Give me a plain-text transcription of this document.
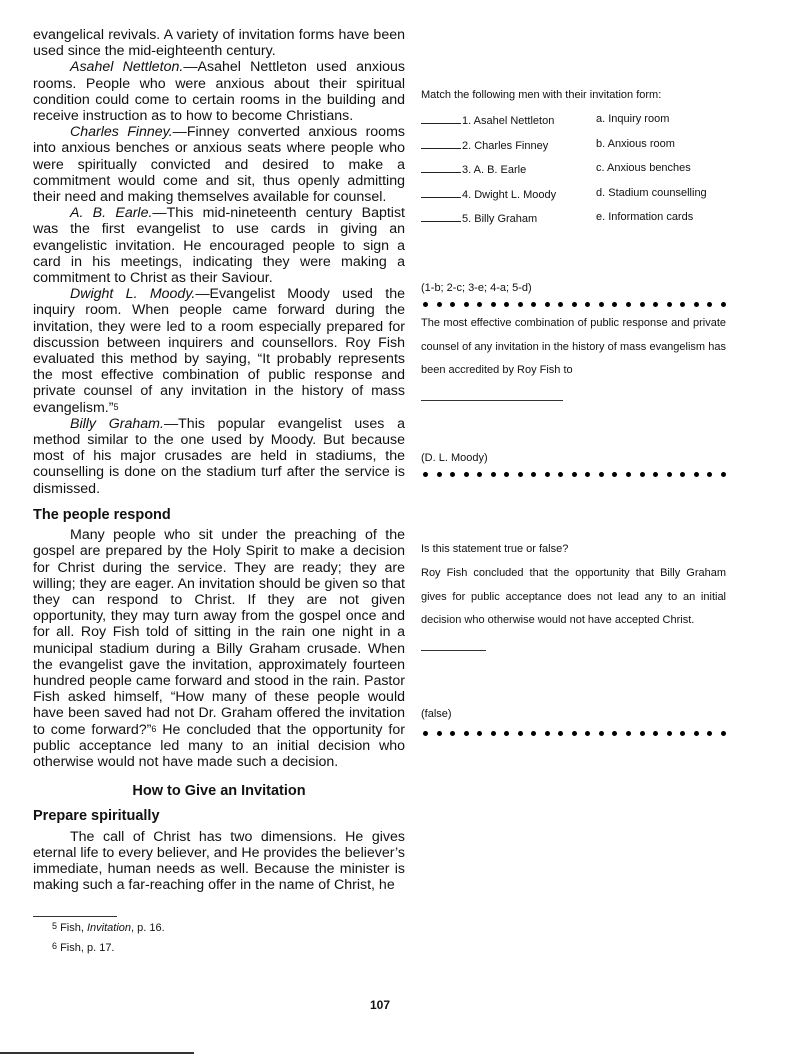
evangelical revivals. A variety of invitation forms have been used since the mid-eighteenth century.

Asahel Nettleton.—Asahel Nettleton used anxious rooms. People who were anxious about their spiritual condition could come to certain rooms in the building and receive instruction as to how to become Christians.

Charles Finney.—Finney converted anxious rooms into anxious benches or anxious seats where people who were spiritually convicted and desired to make a commitment would come and sit, thus openly admitting their need and making themselves available for counsel.

A. B. Earle.—This mid-nineteenth century Baptist was the first evangelist to use cards in giving an evangelistic invitation. He encouraged people to sign a card in his meetings, indicating they were making a commitment to Christ as their Saviour.

Dwight L. Moody.—Evangelist Moody used the inquiry room. When people came forward during the invitation, they were led to a room especially prepared for discussion between inquirers and counsellors. Roy Fish evaluated this method by saying, “It probably represents the most effective combination of public response and private counsel of any invitation in the history of mass evangelism.”$^5$

Billy Graham.—This popular evangelist uses a method similar to the one used by Moody. But because most of his major crusades are held in stadiums, the counselling is done on the stadium turf after the service is dismissed.

The people respond

Many people who sit under the preaching of the gospel are prepared by the Holy Spirit to make a decision for Christ during the service. They are ready; they are willing; they are eager. An invitation should be given so that they can respond to Christ. If they are not given opportunity, they may turn away from the gospel once and for all. Roy Fish told of sitting in the rain one night in a municipal stadium during a Billy Graham crusade. When the evangelist gave the invitation, approximately fourteen hundred people came forward and stood in the rain. Pastor Fish asked himself, “How many of these people would have been saved had not Dr. Graham offered the invitation to come forward?”$^6$ He concluded that the opportunity for public acceptance led many to an initial decision who otherwise would not have made such a decision.

How to Give an Invitation

Prepare spiritually

The call of Christ has two dimensions. He gives eternal life to every believer, and He provides the believer’s immediate, human needs as well. Because the minister is making such a far-reaching offer in the name of Christ, he

$^5$ Fish, Invitation, p. 16.
$^6$ Fish, p. 17.
107
Match the following men with their invitation form:
1. Asahel Nettleton	a. Inquiry room
2. Charles Finney	b. Anxious room
3. A. B. Earle	c. Anxious benches
4. Dwight L. Moody	d. Stadium counselling
5. Billy Graham	e. Information cards
(1-b; 2-c; 3-e; 4-a; 5-d)
The most effective combination of public response and private counsel of any invitation in the history of mass evangelism has been accredited by Roy Fish to
(D. L. Moody)
Is this statement true or false?
Roy Fish concluded that the opportunity that Billy Graham gives for public acceptance does not lead any to an initial decision who otherwise would not have accepted Christ.
(false)
